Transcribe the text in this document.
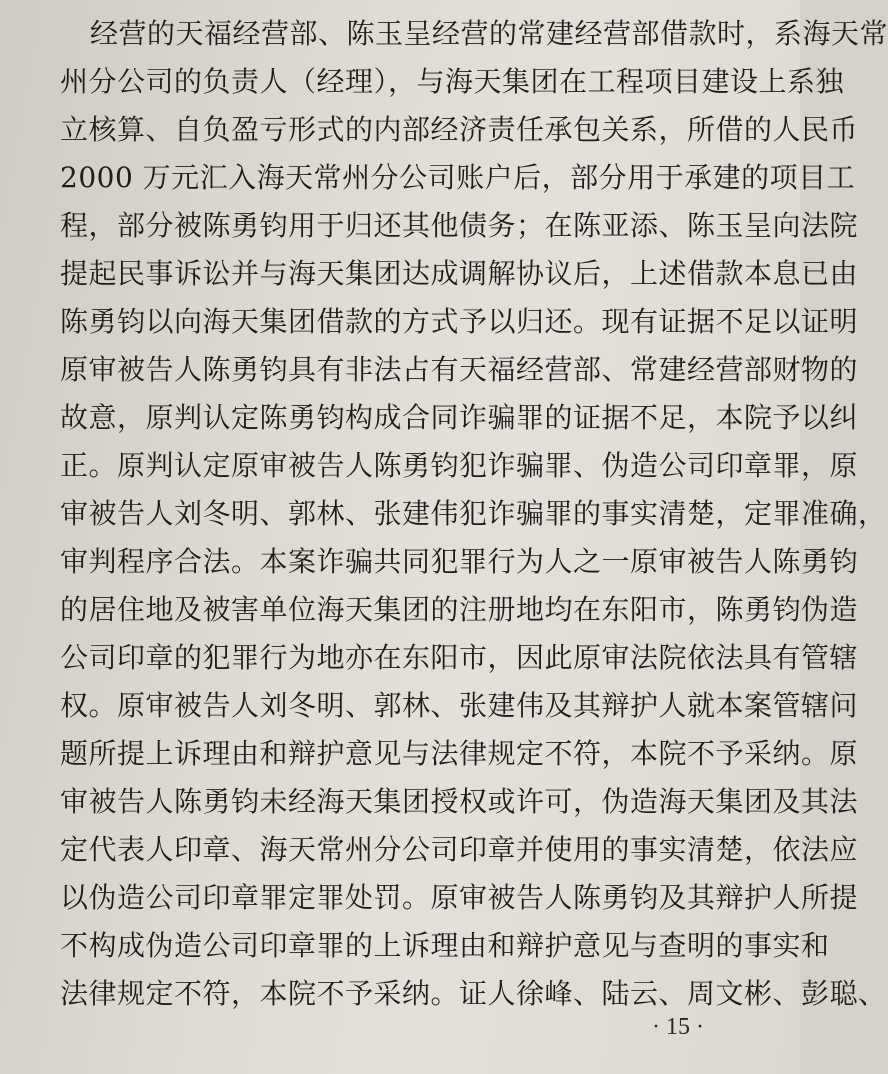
经营的天福经营部、陈玉呈经营的常建经营部借款时，系海天常
州分公司的负责人（经理），与海天集团在工程项目建设上系独
立核算、自负盈亏形式的内部经济责任承包关系，所借的人民币
2000 万元汇入海天常州分公司账户后，部分用于承建的项目工
程，部分被陈勇钧用于归还其他债务；在陈亚添、陈玉呈向法院
提起民事诉讼并与海天集团达成调解协议后，上述借款本息已由
陈勇钧以向海天集团借款的方式予以归还。现有证据不足以证明
原审被告人陈勇钧具有非法占有天福经营部、常建经营部财物的
故意，原判认定陈勇钧构成合同诈骗罪的证据不足，本院予以纠
正。原判认定原审被告人陈勇钧犯诈骗罪、伪造公司印章罪，原
审被告人刘冬明、郭林、张建伟犯诈骗罪的事实清楚，定罪准确，
审判程序合法。本案诈骗共同犯罪行为人之一原审被告人陈勇钧
的居住地及被害单位海天集团的注册地均在东阳市，陈勇钧伪造
公司印章的犯罪行为地亦在东阳市，因此原审法院依法具有管辖
权。原审被告人刘冬明、郭林、张建伟及其辩护人就本案管辖问
题所提上诉理由和辩护意见与法律规定不符，本院不予采纳。原
审被告人陈勇钧未经海天集团授权或许可，伪造海天集团及其法
定代表人印章、海天常州分公司印章并使用的事实清楚，依法应
以伪造公司印章罪定罪处罚。原审被告人陈勇钧及其辩护人所提
不构成伪造公司印章罪的上诉理由和辩护意见与查明的事实和
法律规定不符，本院不予采纳。证人徐峰、陆云、周文彬、彭聪、
· 15 ·
